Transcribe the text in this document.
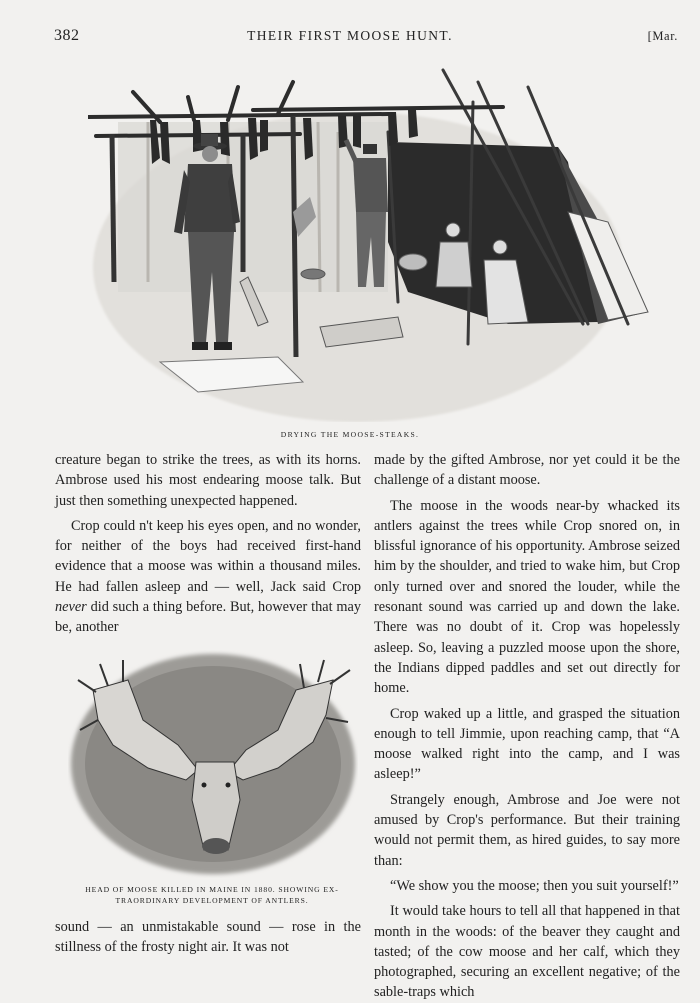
382	THEIR FIRST MOOSE HUNT.	[Mar.
DRYING THE MOOSE-STEAKS.

creature began to strike the trees, as with its horns. Ambrose used his most endearing moose talk. But just then something unexpected happened.

Crop could n't keep his eyes open, and no wonder, for neither of the boys had received first-hand evidence that a moose was within a thousand miles. He had fallen asleep and — well, Jack said Crop never did such a thing before. But, however that may be, another

HEAD OF MOOSE KILLED IN MAINE IN 1880. SHOWING EX-
TRAORDINARY DEVELOPMENT OF ANTLERS.

sound — an unmistakable sound — rose in the stillness of the frosty night air. It was not

made by the gifted Ambrose, nor yet could it be the challenge of a distant moose.

The moose in the woods near-by whacked its antlers against the trees while Crop snored on, in blissful ignorance of his opportunity. Ambrose seized him by the shoulder, and tried to wake him, but Crop only turned over and snored the louder, while the resonant sound was carried up and down the lake. There was no doubt of it. Crop was hopelessly asleep. So, leaving a puzzled moose upon the shore, the Indians dipped paddles and set out directly for home.

Crop waked up a little, and grasped the situation enough to tell Jimmie, upon reaching camp, that “A moose walked right into the camp, and I was asleep!”

Strangely enough, Ambrose and Joe were not amused by Crop's performance. But their training would not permit them, as hired guides, to say more than:

“We show you the moose; then you suit yourself!”

It would take hours to tell all that happened in that month in the woods: of the beaver they caught and tasted; of the cow moose and her calf, which they photographed, securing an excellent negative; of the sable-traps which
